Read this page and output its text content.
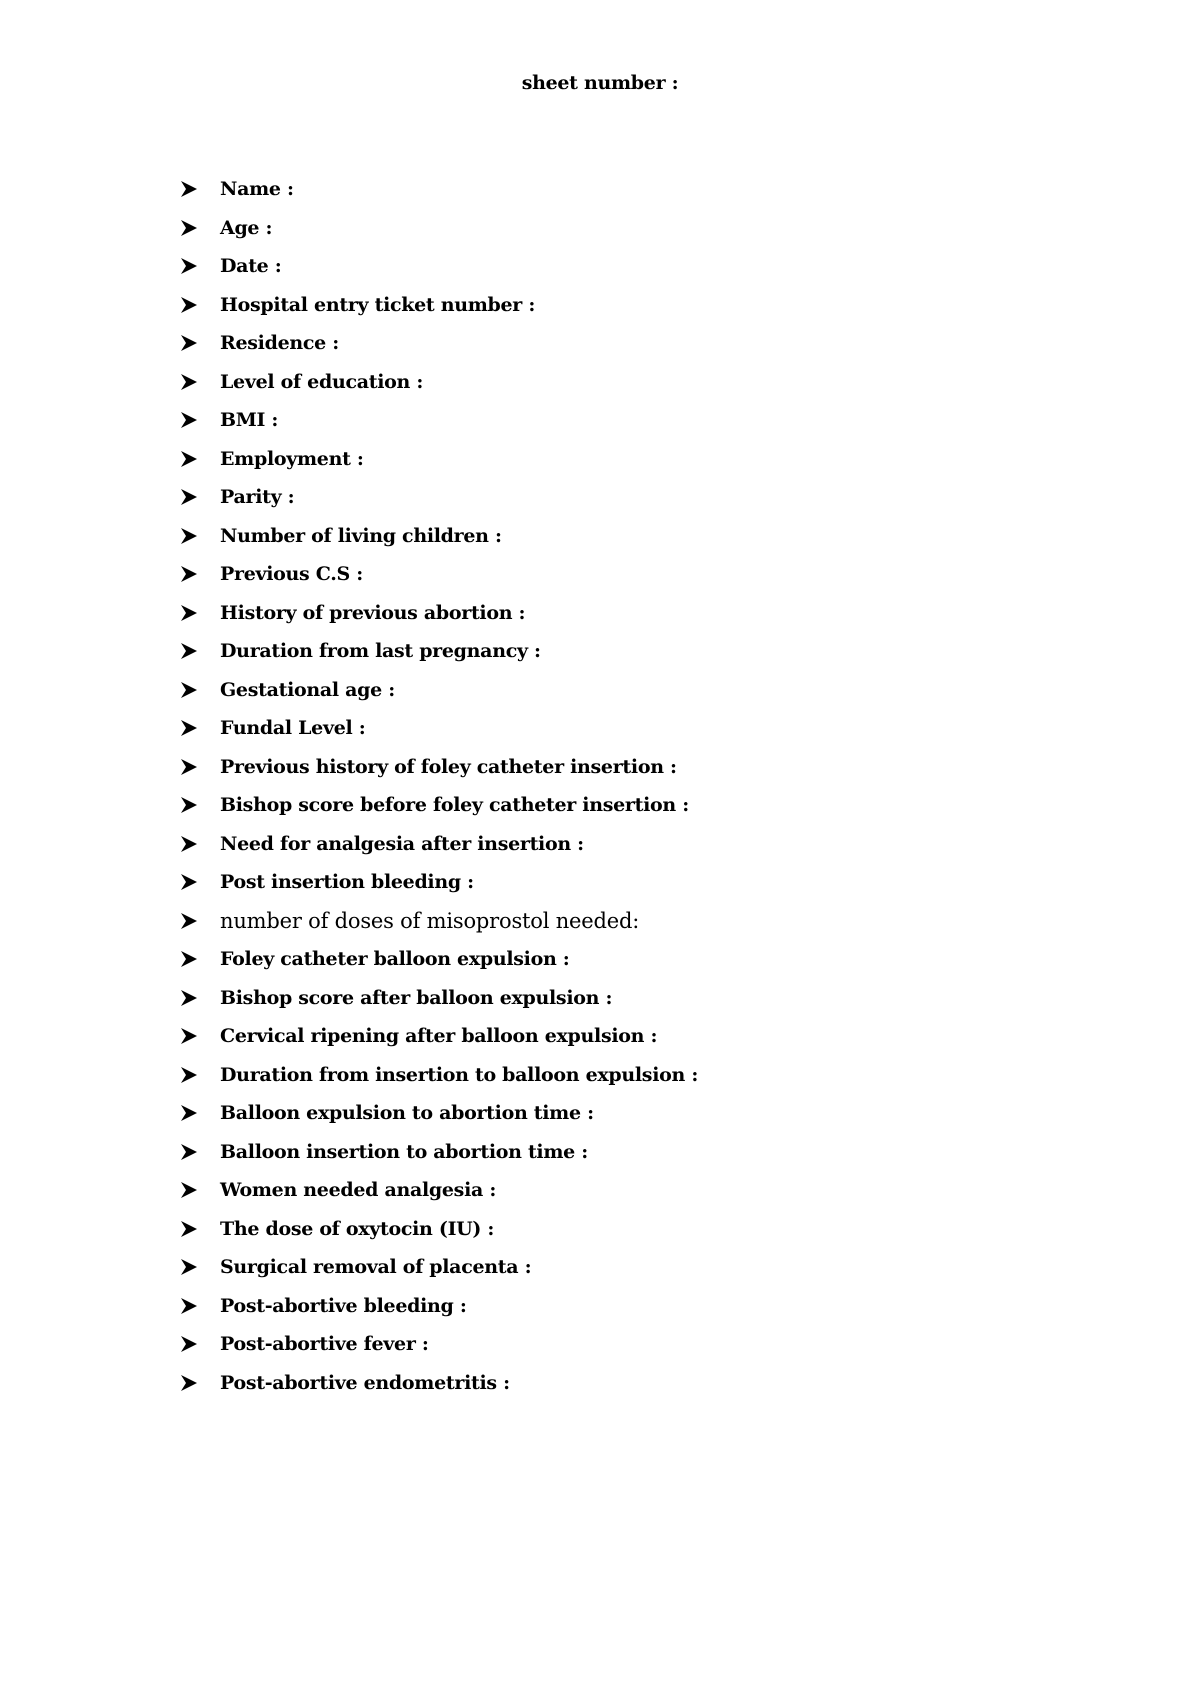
sheet number :
Name :
Age :
Date :
Hospital entry ticket number :
Residence :
Level of education :
BMI :
Employment :
Parity :
Number of living children :
Previous C.S :
History of previous abortion :
Duration from last pregnancy :
Gestational age :
Fundal Level :
Previous history of foley catheter insertion :
Bishop score before foley catheter insertion :
Need for analgesia after insertion :
Post insertion bleeding :
number of doses of misoprostol needed:
Foley catheter balloon expulsion :
Bishop score after balloon expulsion :
Cervical ripening after balloon expulsion :
Duration from insertion to balloon expulsion :
Balloon expulsion to abortion time :
Balloon insertion to abortion time :
Women needed analgesia :
The dose of oxytocin (IU) :
Surgical removal of placenta :
Post-abortive bleeding :
Post-abortive fever :
Post-abortive endometritis :
